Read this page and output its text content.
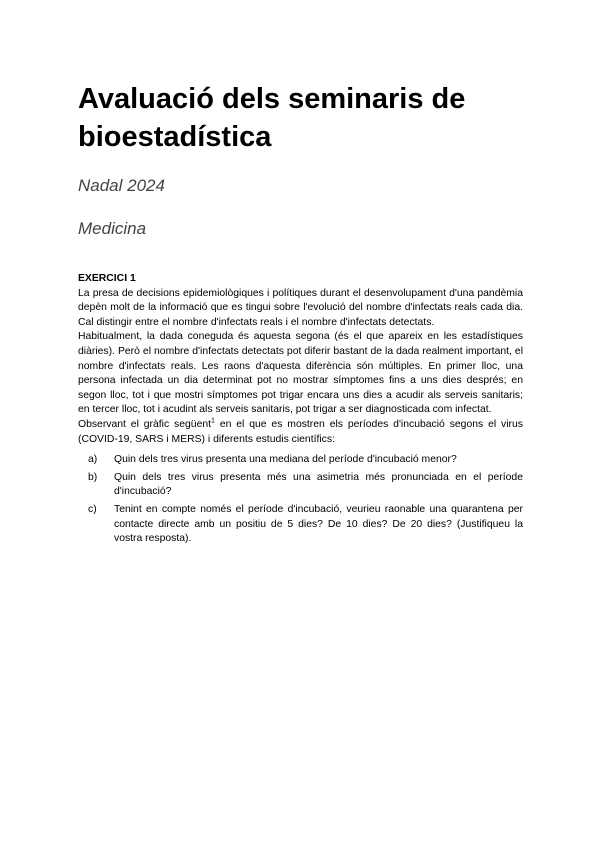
Avaluació dels seminaris de bioestadística

Nadal 2024

Medicina

EXERCICI 1

La presa de decisions epidemiològiques i polítiques durant el desenvolupament d'una pandèmia depèn molt de la informació que es tingui sobre l'evolució del nombre d'infectats reals cada dia. Cal distingir entre el nombre d'infectats reals i el nombre d'infectats detectats.

Habitualment, la dada coneguda és aquesta segona (és el que apareix en les estadístiques diàries). Però el nombre d'infectats detectats pot diferir bastant de la dada realment important, el nombre d'infectats reals. Les raons d'aquesta diferència són múltiples. En primer lloc, una persona infectada un dia determinat pot no mostrar símptomes fins a uns dies després; en segon lloc, tot i que mostri símptomes pot trigar encara uns dies a acudir als serveis sanitaris; en tercer lloc, tot i acudint als serveis sanitaris, pot trigar a ser diagnosticada com infectat.

Observant el gràfic següent$^1$ en el que es mostren els períodes d'incubació segons el virus (COVID-19, SARS i MERS) i diferents estudis científics:

a)	Quin dels tres virus presenta una mediana del període d'incubació menor?
b)	Quin dels tres virus presenta més una asimetria més pronunciada en el període d'incubació?
c)	Tenint en compte només el període d'incubació, veurieu raonable una quarantena per contacte directe amb un positiu de 5 dies? De 10 dies? De 20 dies? (Justifiqueu la vostra resposta).
